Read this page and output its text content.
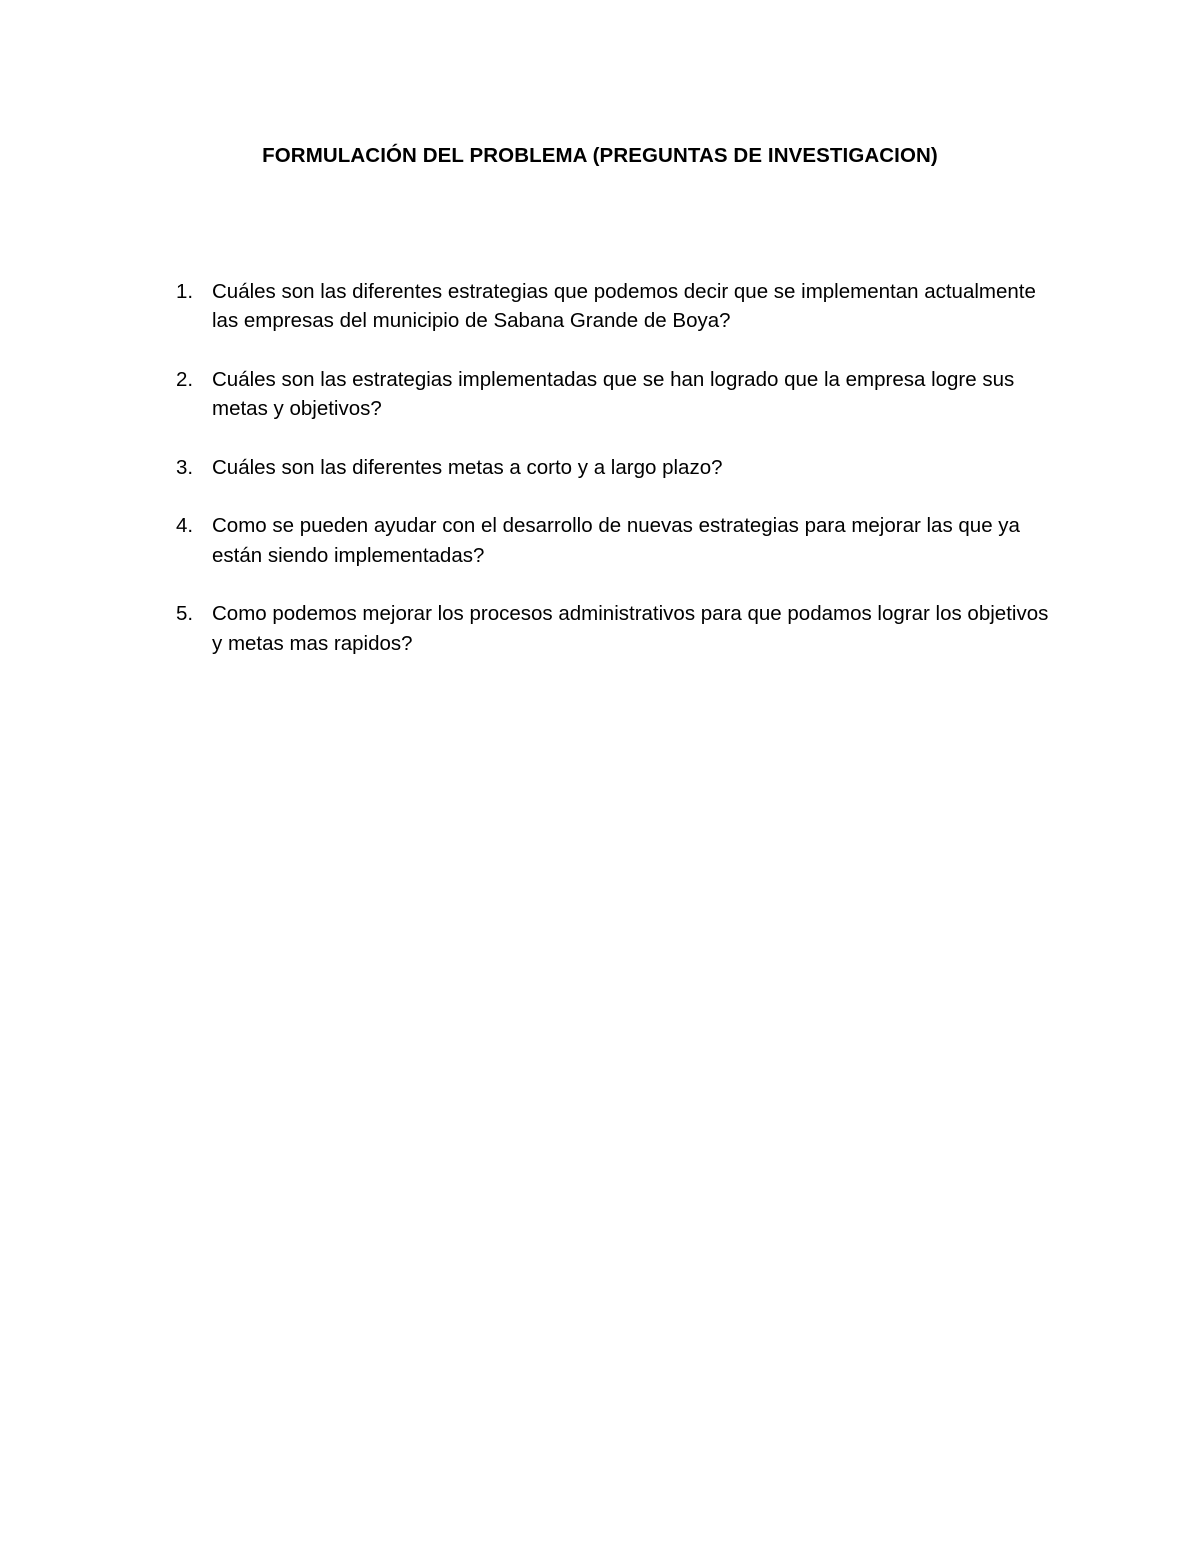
FORMULACIÓN DEL PROBLEMA (PREGUNTAS DE INVESTIGACION)
1. Cuáles son las diferentes estrategias que podemos decir que se implementan actualmente las empresas del municipio de Sabana Grande de Boya?
2. Cuáles son las estrategias implementadas que se han logrado que la empresa logre sus metas y objetivos?
3. Cuáles son las diferentes metas a corto y a largo plazo?
4. Como se pueden ayudar con el desarrollo de nuevas estrategias para mejorar las que ya están siendo implementadas?
5. Como podemos mejorar los procesos administrativos para que podamos lograr los objetivos y metas mas rapidos?
